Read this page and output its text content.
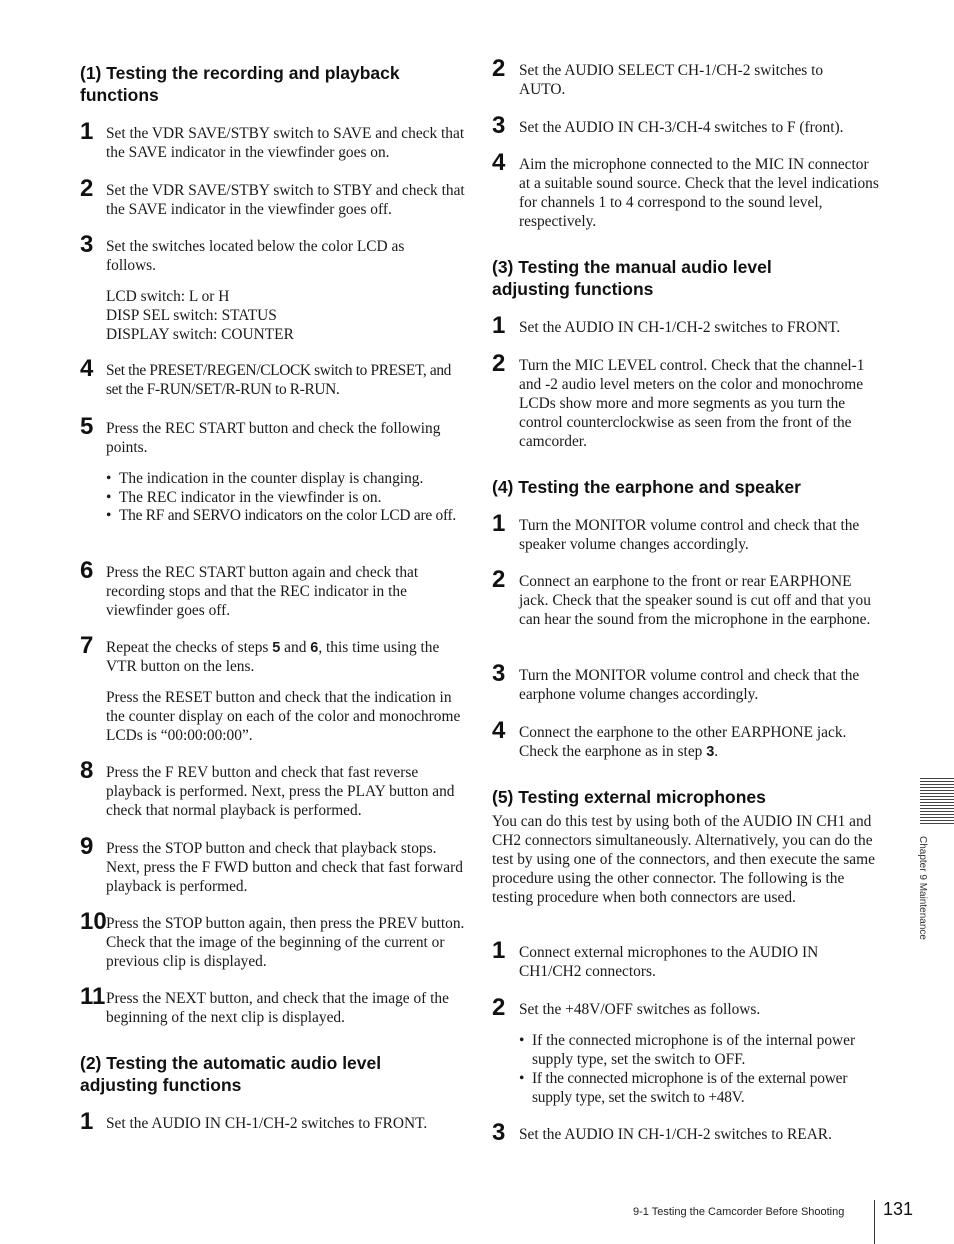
(1) Testing the recording and playback functions
1 Set the VDR SAVE/STBY switch to SAVE and check that the SAVE indicator in the viewfinder goes on.
2 Set the VDR SAVE/STBY switch to STBY and check that the SAVE indicator in the viewfinder goes off.
3 Set the switches located below the color LCD as follows.
LCD switch: L or H
DISP SEL switch: STATUS
DISPLAY switch: COUNTER
4 Set the PRESET/REGEN/CLOCK switch to PRESET, and set the F-RUN/SET/R-RUN to R-RUN.
5 Press the REC START button and check the following points.
• The indication in the counter display is changing.
• The REC indicator in the viewfinder is on.
• The RF and SERVO indicators on the color LCD are off.
6 Press the REC START button again and check that recording stops and that the REC indicator in the viewfinder goes off.
7 Repeat the checks of steps 5 and 6, this time using the VTR button on the lens.
Press the RESET button and check that the indication in the counter display on each of the color and monochrome LCDs is “00:00:00:00”.
8 Press the F REV button and check that fast reverse playback is performed. Next, press the PLAY button and check that normal playback is performed.
9 Press the STOP button and check that playback stops. Next, press the F FWD button and check that fast forward playback is performed.
10 Press the STOP button again, then press the PREV button. Check that the image of the beginning of the current or previous clip is displayed.
11 Press the NEXT button, and check that the image of the beginning of the next clip is displayed.
(2) Testing the automatic audio level adjusting functions
1 Set the AUDIO IN CH-1/CH-2 switches to FRONT.
2 Set the AUDIO SELECT CH-1/CH-2 switches to AUTO.
3 Set the AUDIO IN CH-3/CH-4 switches to F (front).
4 Aim the microphone connected to the MIC IN connector at a suitable sound source. Check that the level indications for channels 1 to 4 correspond to the sound level, respectively.
(3) Testing the manual audio level adjusting functions
1 Set the AUDIO IN CH-1/CH-2 switches to FRONT.
2 Turn the MIC LEVEL control. Check that the channel-1 and -2 audio level meters on the color and monochrome LCDs show more and more segments as you turn the control counterclockwise as seen from the front of the camcorder.
(4) Testing the earphone and speaker
1 Turn the MONITOR volume control and check that the speaker volume changes accordingly.
2 Connect an earphone to the front or rear EARPHONE jack. Check that the speaker sound is cut off and that you can hear the sound from the microphone in the earphone.
3 Turn the MONITOR volume control and check that the earphone volume changes accordingly.
4 Connect the earphone to the other EARPHONE jack. Check the earphone as in step 3.
(5) Testing external microphones
You can do this test by using both of the AUDIO IN CH1 and CH2 connectors simultaneously. Alternatively, you can do the test by using one of the connectors, and then execute the same procedure using the other connector. The following is the testing procedure when both connectors are used.
1 Connect external microphones to the AUDIO IN CH1/CH2 connectors.
2 Set the +48V/OFF switches as follows.
• If the connected microphone is of the internal power supply type, set the switch to OFF.
• If the connected microphone is of the external power supply type, set the switch to +48V.
3 Set the AUDIO IN CH-1/CH-2 switches to REAR.
Chapter 9 Maintenance
9-1 Testing the Camcorder Before Shooting 131
